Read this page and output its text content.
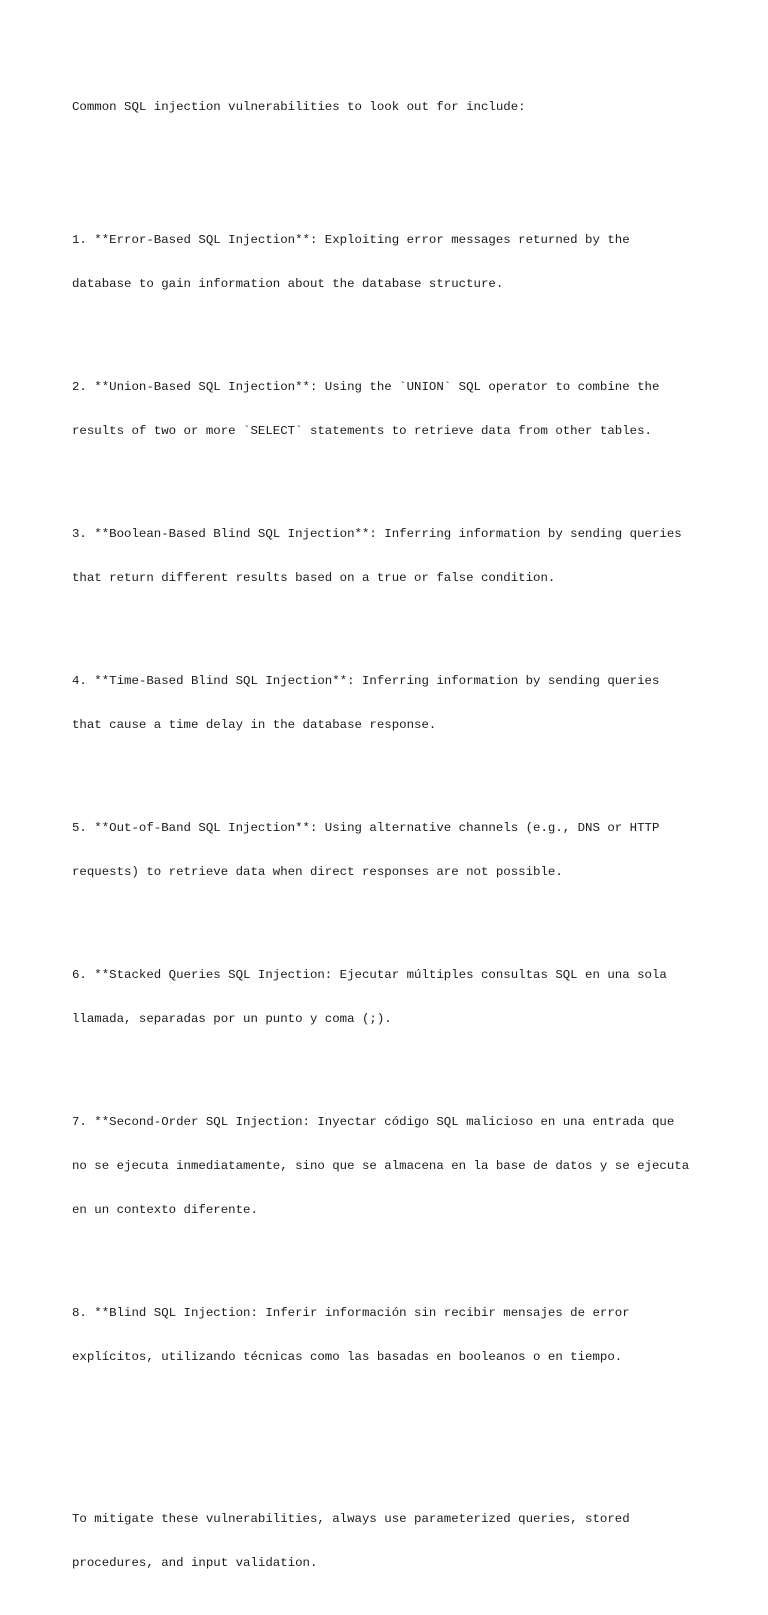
Common SQL injection vulnerabilities to look out for include:

1. **Error-Based SQL Injection**: Exploiting error messages returned by the

database to gain information about the database structure.

2. **Union-Based SQL Injection**: Using the `UNION` SQL operator to combine the

results of two or more `SELECT` statements to retrieve data from other tables.

3. **Boolean-Based Blind SQL Injection**: Inferring information by sending queries

that return different results based on a true or false condition.

4. **Time-Based Blind SQL Injection**: Inferring information by sending queries

that cause a time delay in the database response.

5. **Out-of-Band SQL Injection**: Using alternative channels (e.g., DNS or HTTP

requests) to retrieve data when direct responses are not possible.

6. **Stacked Queries SQL Injection: Ejecutar múltiples consultas SQL en una sola

llamada, separadas por un punto y coma (;).

7. **Second-Order SQL Injection: Inyectar código SQL malicioso en una entrada que

no se ejecuta inmediatamente, sino que se almacena en la base de datos y se ejecuta

en un contexto diferente.

8. **Blind SQL Injection: Inferir información sin recibir mensajes de error

explícitos, utilizando técnicas como las basadas en booleanos o en tiempo.

To mitigate these vulnerabilities, always use parameterized queries, stored

procedures, and input validation.
